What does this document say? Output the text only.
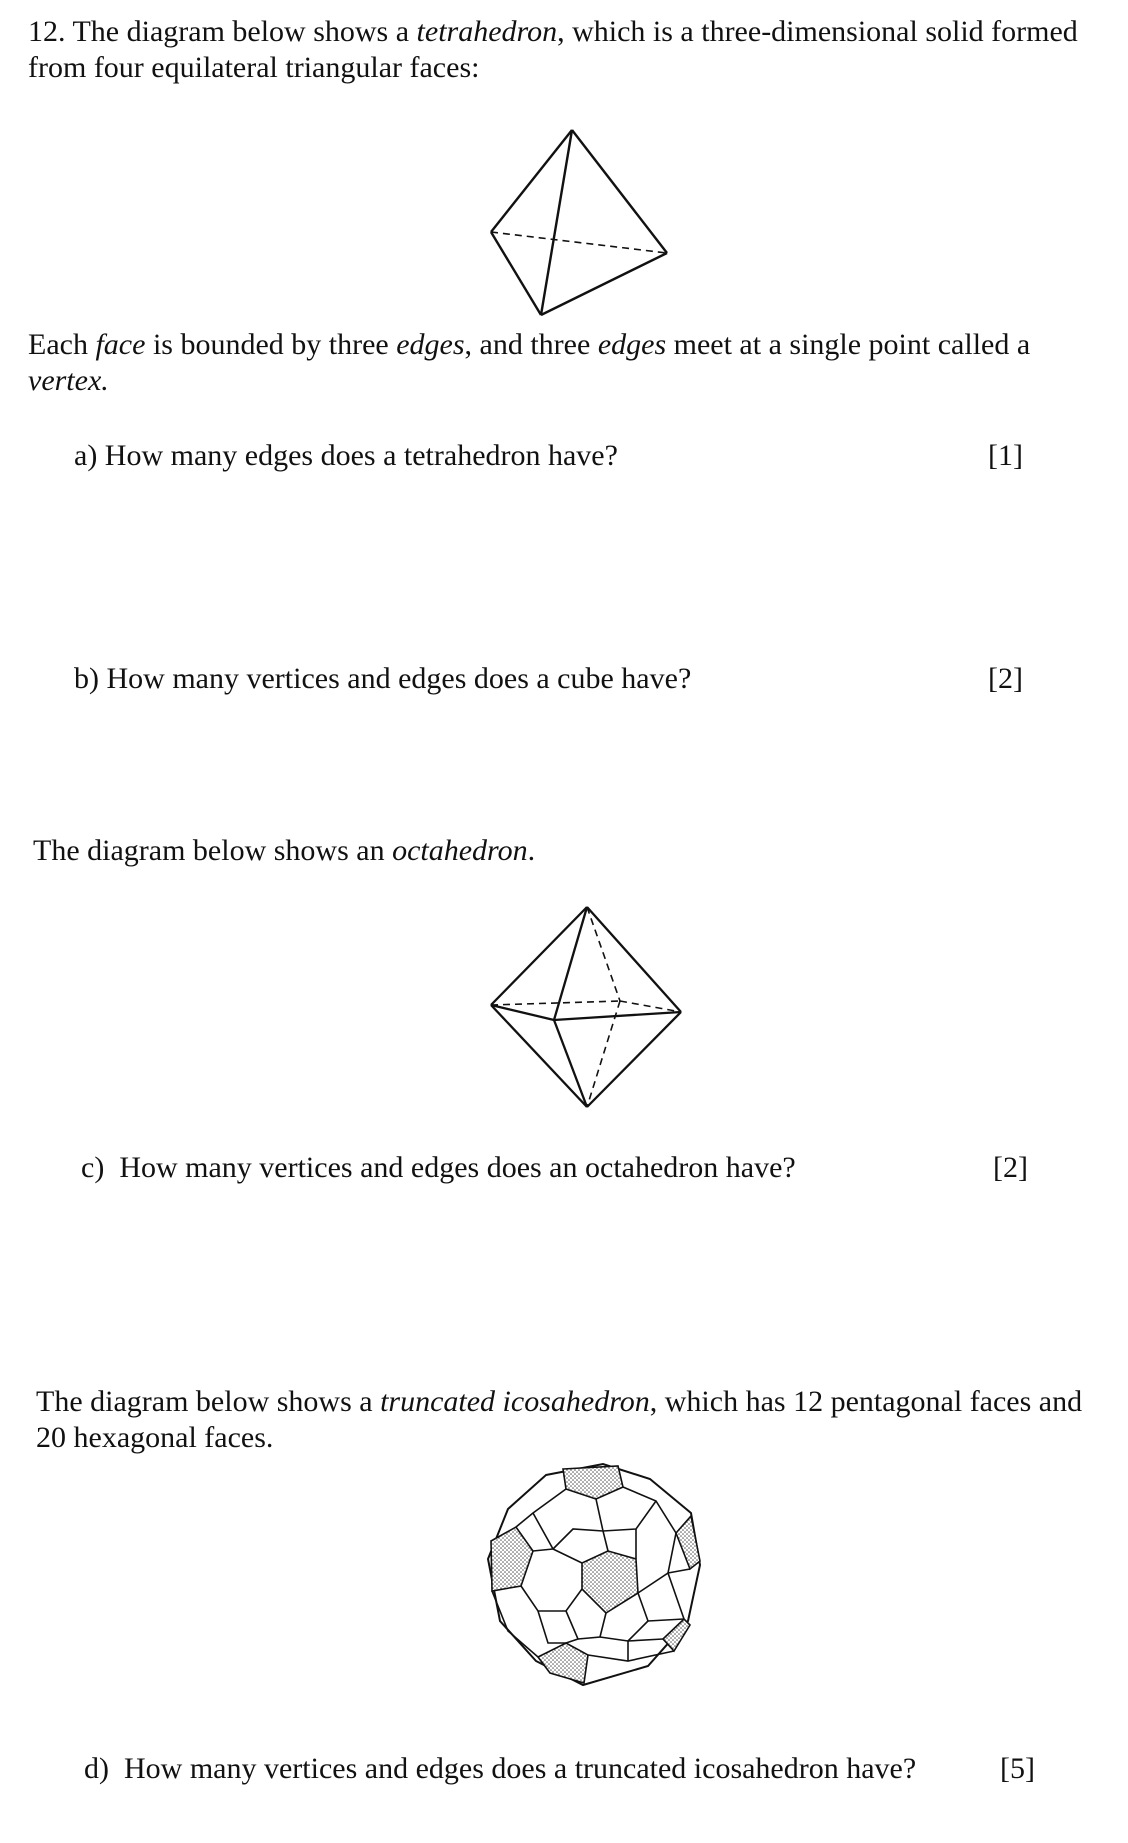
12. The diagram below shows a tetrahedron, which is a three-dimensional solid formed from four equilateral triangular faces:
Each face is bounded by three edges, and three edges meet at a single point called a vertex.
a) How many edges does a tetrahedron have?	[1]
b) How many vertices and edges does a cube have?	[2]
The diagram below shows an octahedron.
c) How many vertices and edges does an octahedron have?	[2]
The diagram below shows a truncated icosahedron, which has 12 pentagonal faces and 20 hexagonal faces.
d) How many vertices and edges does a truncated icosahedron have?	[5]
